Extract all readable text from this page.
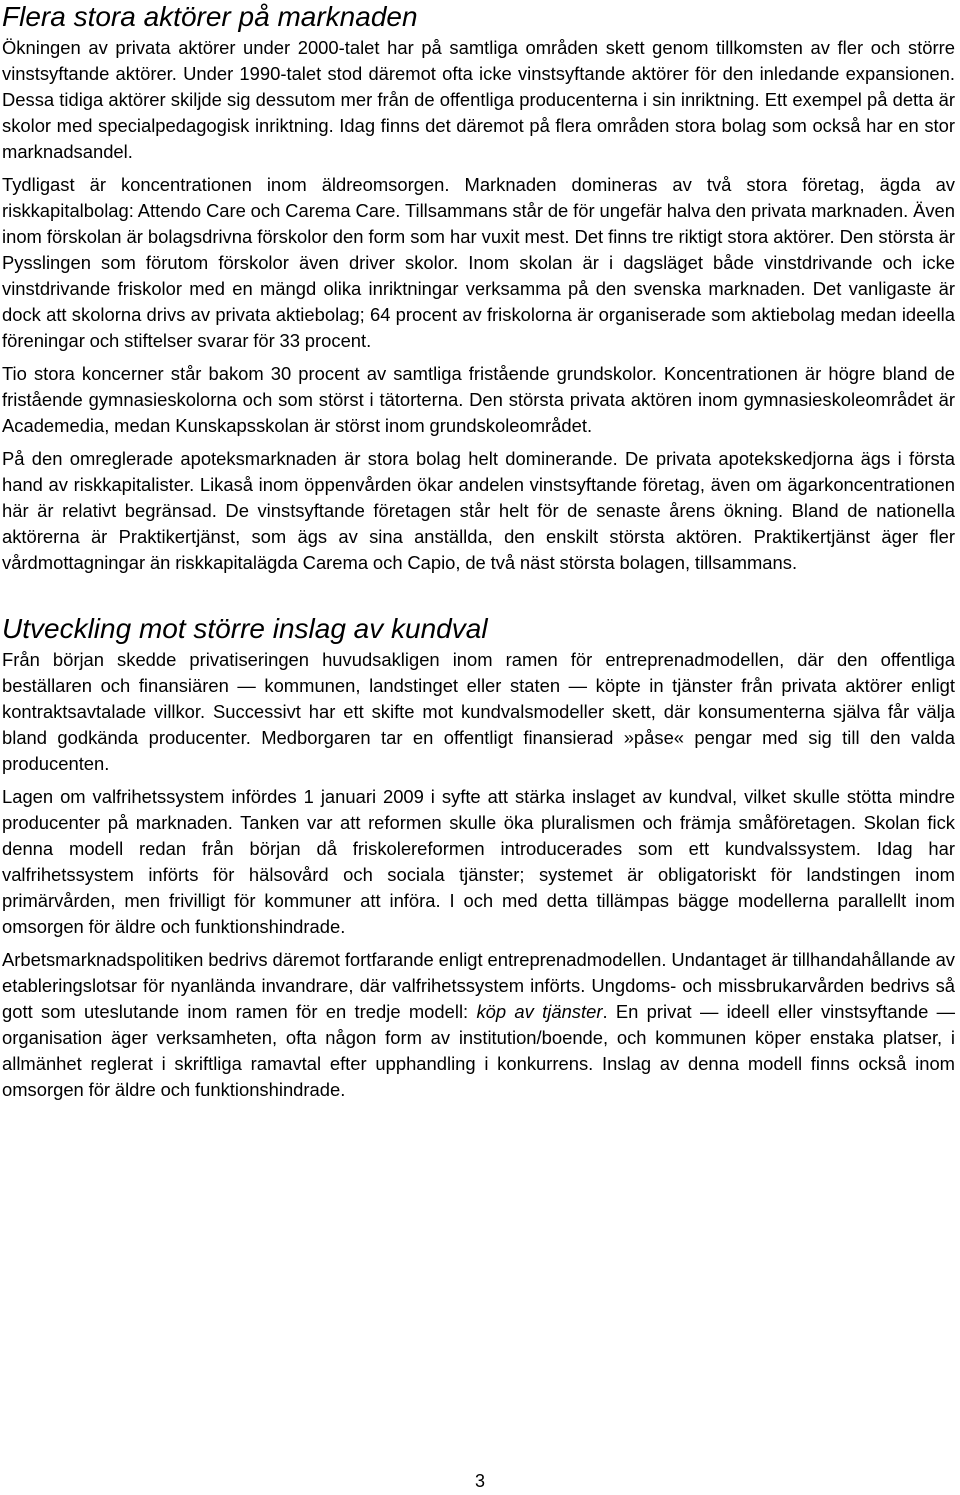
Flera stora aktörer på marknaden

Ökningen av privata aktörer under 2000-talet har på samtliga områden skett genom tillkomsten av fler och större vinstsyftande aktörer. Under 1990-talet stod däremot ofta icke vinstsyftande aktörer för den inledande expansionen. Dessa tidiga aktörer skiljde sig dessutom mer från de offentliga producenterna i sin inriktning. Ett exempel på detta är skolor med specialpedagogisk inriktning. Idag finns det däremot på flera områden stora bolag som också har en stor marknadsandel.

Tydligast är koncentrationen inom äldreomsorgen. Marknaden domineras av två stora företag, ägda av riskkapitalbolag: Attendo Care och Carema Care. Tillsammans står de för ungefär halva den privata marknaden. Även inom förskolan är bolagsdrivna förskolor den form som har vuxit mest. Det finns tre riktigt stora aktörer. Den största är Pysslingen som förutom förskolor även driver skolor. Inom skolan är i dagsläget både vinstdrivande och icke vinstdrivande friskolor med en mängd olika inriktningar verksamma på den svenska marknaden. Det vanligaste är dock att skolorna drivs av privata aktiebolag; 64 procent av friskolorna är organiserade som aktiebolag medan ideella föreningar och stiftelser svarar för 33 procent.

Tio stora koncerner står bakom 30 procent av samtliga fristående grundskolor. Koncentrationen är högre bland de fristående gymnasieskolorna och som störst i tätorterna. Den största privata aktören inom gymnasieskoleområdet är Academedia, medan Kunskapsskolan är störst inom grundskoleområdet.

På den omreglerade apoteksmarknaden är stora bolag helt dominerande. De privata apotekskedjorna ägs i första hand av riskkapitalister. Likaså inom öppenvården ökar andelen vinstsyftande företag, även om ägarkoncentrationen här är relativt begränsad. De vinstsyftande företagen står helt för de senaste årens ökning. Bland de nationella aktörerna är Praktikertjänst, som ägs av sina anställda, den enskilt största aktören. Praktikertjänst äger fler vårdmottagningar än riskkapitalägda Carema och Capio, de två näst största bolagen, tillsammans.

Utveckling mot större inslag av kundval

Från början skedde privatiseringen huvudsakligen inom ramen för entreprenadmodellen, där den offentliga beställaren och finansiären — kommunen, landstinget eller staten — köpte in tjänster från privata aktörer enligt kontraktsavtalade villkor. Successivt har ett skifte mot kundvalsmodeller skett, där konsumenterna själva får välja bland godkända producenter. Medborgaren tar en offentligt finansierad »påse« pengar med sig till den valda producenten.

Lagen om valfrihetssystem infördes 1 januari 2009 i syfte att stärka inslaget av kundval, vilket skulle stötta mindre producenter på marknaden. Tanken var att reformen skulle öka pluralismen och främja småföretagen. Skolan fick denna modell redan från början då friskolereformen introducerades som ett kundvalssystem. Idag har valfrihetssystem införts för hälsovård och sociala tjänster; systemet är obligatoriskt för landstingen inom primärvården, men frivilligt för kommuner att införa. I och med detta tillämpas bägge modellerna parallellt inom omsorgen för äldre och funktionshindrade.

Arbetsmarknadspolitiken bedrivs däremot fortfarande enligt entreprenadmodellen. Undantaget är tillhandahållande av etableringslotsar för nyanlända invandrare, där valfrihetssystem införts. Ungdoms- och missbrukarvården bedrivs så gott som uteslutande inom ramen för en tredje modell: köp av tjänster. En privat — ideell eller vinstsyftande — organisation äger verksamheten, ofta någon form av institution/boende, och kommunen köper enstaka platser, i allmänhet reglerat i skriftliga ramavtal efter upphandling i konkurrens. Inslag av denna modell finns också inom omsorgen för äldre och funktionshindrade.

3
